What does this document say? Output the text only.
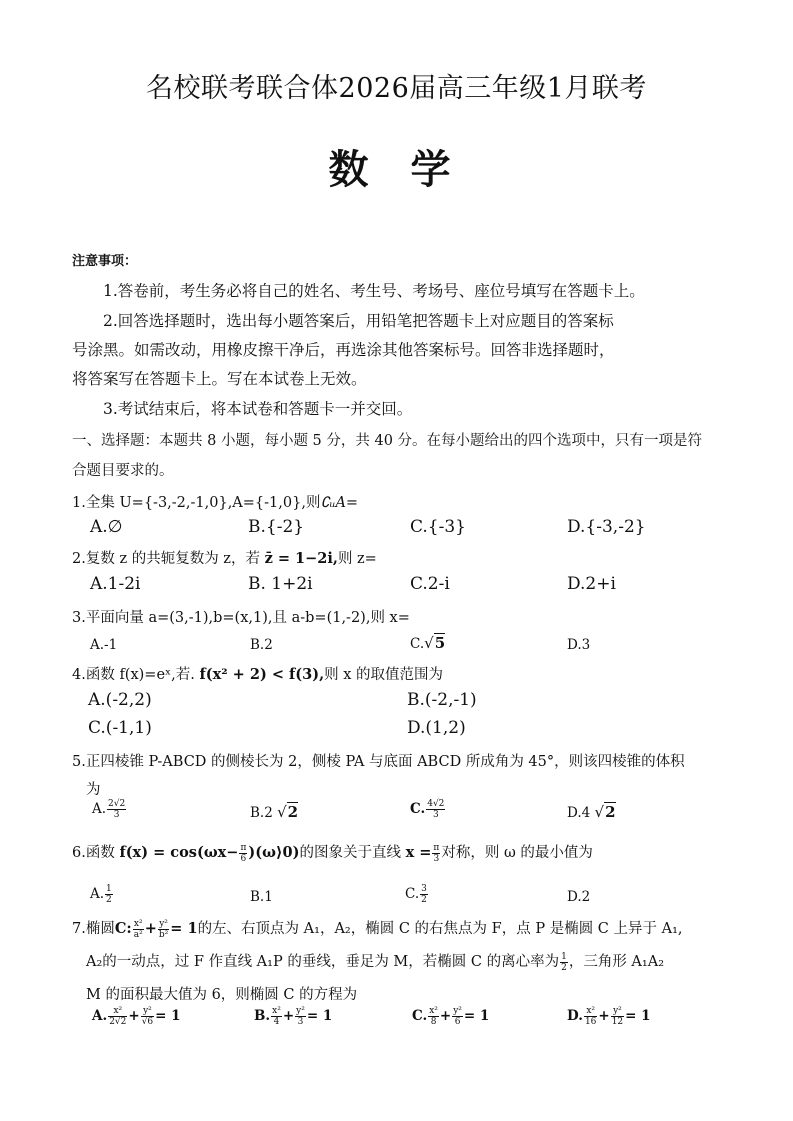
名校联考联合体2026届高三年级1月联考
数 学
注意事项：
1.答卷前，考生务必将自己的姓名、考生号、考场号、座位号填写在答题卡上。
2.回答选择题时，选出每小题答案后，用铅笔把答题卡上对应题目的答案标
号涂黑。如需改动，用橡皮擦干净后，再选涂其他答案标号。回答非选择题时，
将答案写在答题卡上。写在本试卷上无效。
3.考试结束后，将本试卷和答题卡一并交回。
一、选择题：本题共 8 小题，每小题 5 分，共 40 分。在每小题给出的四个选项中，只有一项是符
合题目要求的。
1.全集 U={-3,-2,-1,0},A={-1,0},则∁ᵤA=
A.∅	B.{-2}	C.{-3}	D.{-3,-2}
2.复数 z 的共轭复数为 z，若 z̄ = 1−2i,则 z=
A.1-2i	B. 1+2i	C.2-i	D.2+i
3.平面向量 a=(3,-1),b=(x,1),且 a-b=(1,-2),则 x=
A.-1	B.2	C.√5	D.3
4.函数 f(x)=eˣ,若. f(x² + 2) < f(3),则 x 的取值范围为
A.(-2,2)	B.(-2,-1)
C.(-1,1)	D.(1,2)
5.正四棱锥 P-ABCD 的侧棱长为 2，侧棱 PA 与底面 ABCD 所成角为 45°，则该四棱锥的体积
为
A. $\frac{2√2}{3}$	B.2 √2	C. $\frac{4√2}{3}$	D.4 √2
6.函数 $f(x) = \cos(\omega x- \frac{\pi}{6}$ )(ω⟩0)的图象关于直线 $x = \frac{\pi}{3}$ 对称，则 ω 的最小值为
A. $\frac{1}{2}$	B.1	C. $\frac{3}{2}$	D.2
7.椭圆C: $\frac{\text{x²}}{\text{a²}} + \frac{\text{y²}}{\text{b²}} = 1$的左、右顶点为 A₁，A₂，椭圆 C 的右焦点为 F，点 P 是椭圆 C 上异于 A₁,
A₂的一动点，过 F 作直线 A₁P 的垂线，垂足为 M，若椭圆 C 的离心率为 $\frac{1}{2}$ ，三角形 A₁A₂
M 的面积最大值为 6，则椭圆 C 的方程为
A. $\frac{\text{x²}}{2√2} + \frac{\text{y²}}{√6} = 1$	B. $\frac{\text{x²}}{4} + \frac{\text{y²}}{3} = 1$	C. $\frac{\text{x²}}{8} + \frac{\text{y²}}{6} = 1$	D. $\frac{\text{x²}}{16} + \frac{\text{y²}}{12} = 1$
